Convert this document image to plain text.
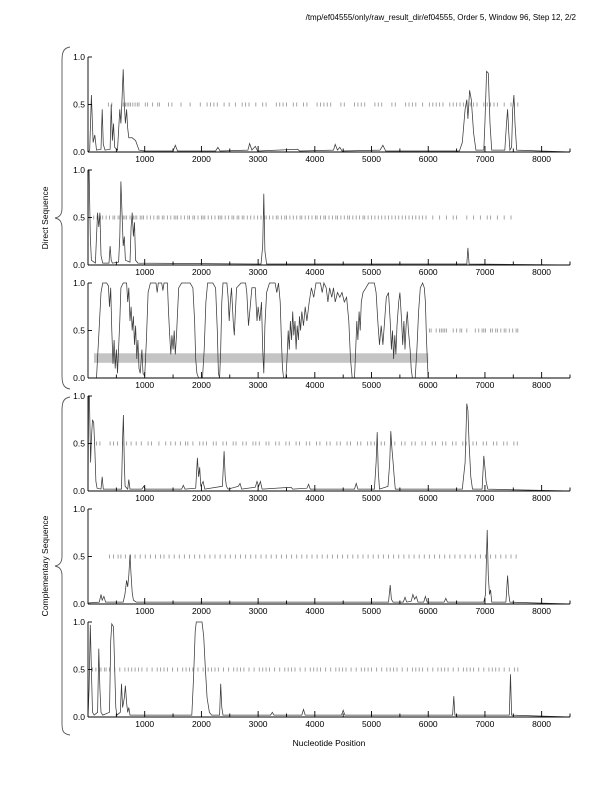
/tmp/ef04555/only/raw_result_dir/ef04555, Order 5, Window 96, Step 12, 2/2
Direct Sequence
Complementary Sequence
1.0
0.5
0.0
1000	2000	3000	4000	5000	6000	7000	8000
1.0
0.5
0.0
1000	2000	3000	4000	5000	6000	7000	8000
1.0
0.5
0.0
1000	2000	3000	4000	5000	6000	7000	8000
1.0
0.5
0.0
1000	2000	3000	4000	5000	6000	7000	8000
1.0
0.5
0.0
1000	2000	3000	4000	5000	6000	7000	8000
1.0
0.5
0.0
1000	2000	3000	4000	5000	6000	7000	8000
Nucleotide Position
